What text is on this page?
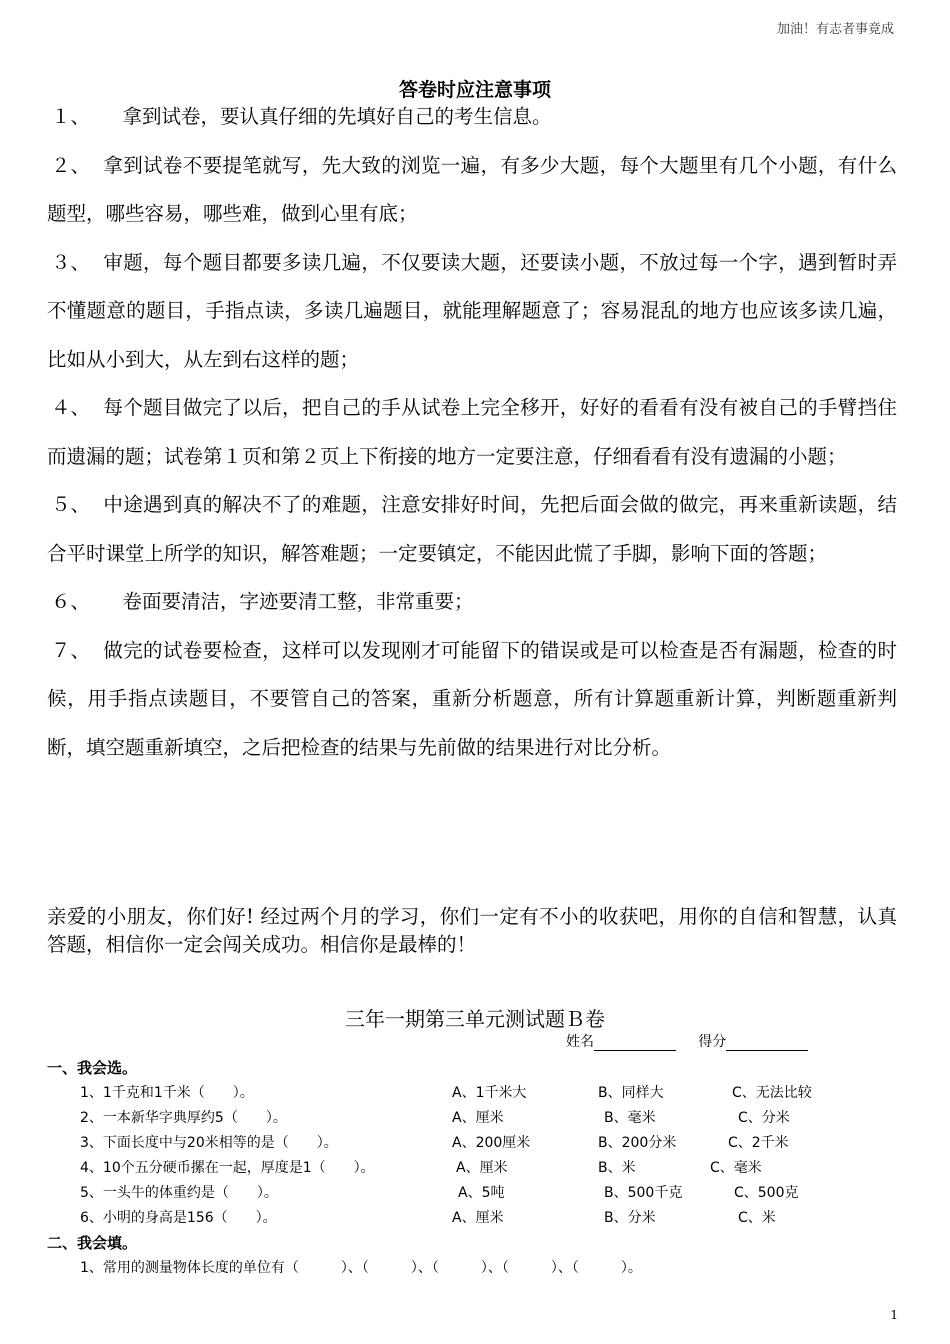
加油！有志者事竟成
答卷时应注意事项

１、　拿到试卷，要认真仔细的先填好自己的考生信息。

２、 拿到试卷不要提笔就写，先大致的浏览一遍，有多少大题，每个大题里有几个小题，有什么题型，哪些容易，哪些难，做到心里有底；

３、 审题，每个题目都要多读几遍，不仅要读大题，还要读小题，不放过每一个字，遇到暂时弄不懂题意的题目，手指点读，多读几遍题目，就能理解题意了；容易混乱的地方也应该多读几遍，比如从小到大，从左到右这样的题；

４、 每个题目做完了以后，把自己的手从试卷上完全移开，好好的看看有没有被自己的手臂挡住而遗漏的题；试卷第１页和第２页上下衔接的地方一定要注意，仔细看看有没有遗漏的小题；

５、 中途遇到真的解决不了的难题，注意安排好时间，先把后面会做的做完，再来重新读题，结合平时课堂上所学的知识，解答难题；一定要镇定，不能因此慌了手脚，影响下面的答题；

６、　卷面要清洁，字迹要清工整，非常重要；

７、 做完的试卷要检查，这样可以发现刚才可能留下的错误或是可以检查是否有漏题，检查的时候，用手指点读题目，不要管自己的答案，重新分析题意，所有计算题重新计算，判断题重新判断，填空题重新填空，之后把检查的结果与先前做的结果进行对比分析。

亲爱的小朋友，你们好! 经过两个月的学习，你们一定有不小的收获吧，用你的自信和智慧，认真答题，相信你一定会闯关成功。相信你是最棒的！
三年一期第三单元测试题Ｂ卷
姓名	得分
一、我会选。
1、1千克和1千米（　　）。	A、1千米大	B、同样大	C、无法比较
2、一本新华字典厚约5（　　）。	A、厘米	B、毫米	C、分米
3、下面长度中与20米相等的是（　　）。	A、200厘米	B、200分米	C、2千米
4、10个五分硬币摞在一起，厚度是1（　　）。	A、厘米	B、米	C、毫米
5、一头牛的体重约是（　　）。	A、5吨	B、500千克	C、500克
6、小明的身高是156（　　）。	A、厘米	B、分米	C、米
二、我会填。
1、常用的测量物体长度的单位有（　　　）、（　　　）、（　　　）、（　　　）、（　　　）。
1
